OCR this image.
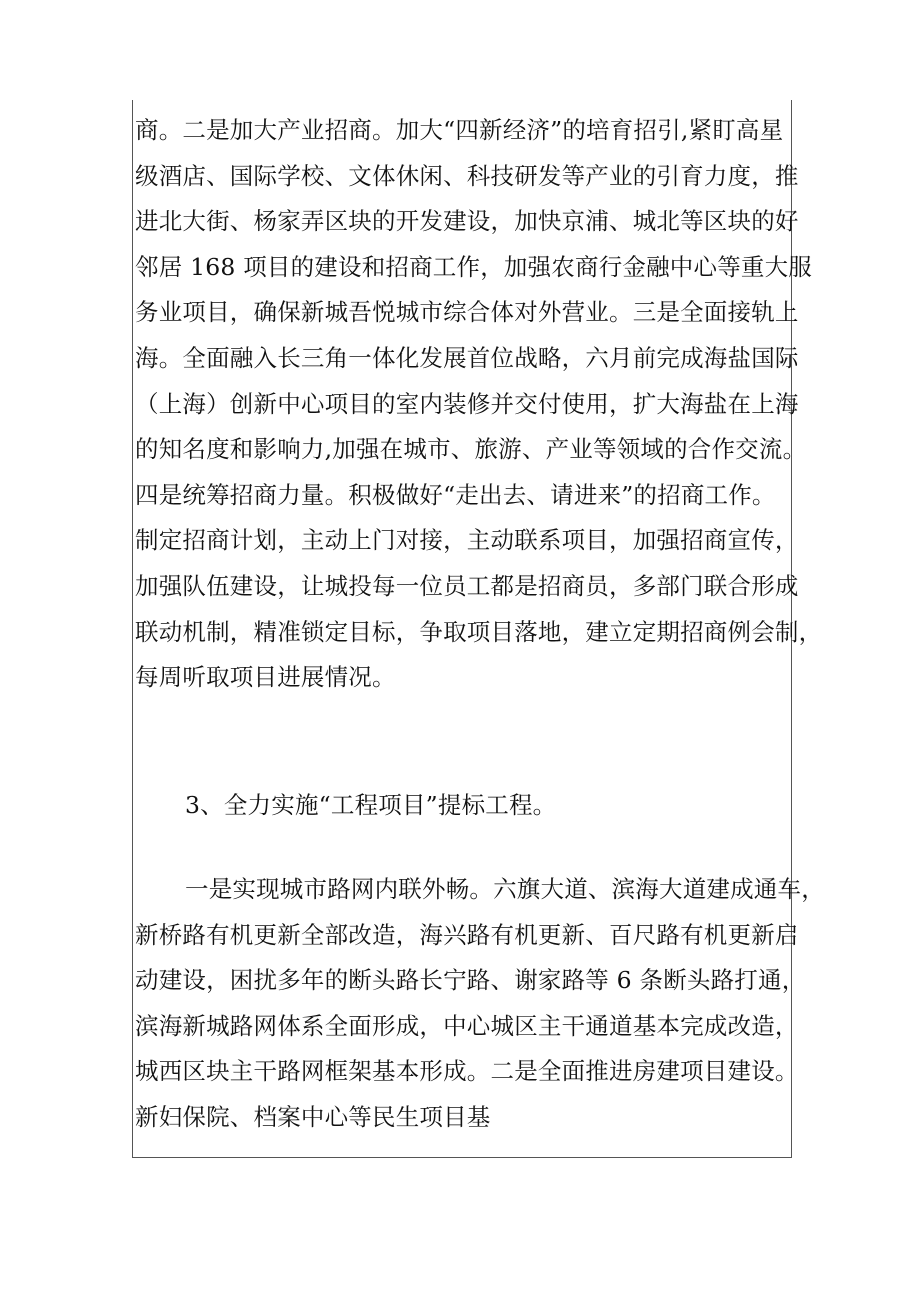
商。二是加大产业招商。加大“四新经济”的培育招引,紧盯高星
级酒店、国际学校、文体休闲、科技研发等产业的引育力度，推
进北大街、杨家弄区块的开发建设，加快京浦、城北等区块的好
邻居 168 项目的建设和招商工作，加强农商行金融中心等重大服
务业项目，确保新城吾悦城市综合体对外营业。三是全面接轨上
海。全面融入长三角一体化发展首位战略，六月前完成海盐国际
（上海）创新中心项目的室内装修并交付使用，扩大海盐在上海
的知名度和影响力,加强在城市、旅游、产业等领域的合作交流。
四是统筹招商力量。积极做好“走出去、请进来”的招商工作。
制定招商计划，主动上门对接，主动联系项目，加强招商宣传，
加强队伍建设，让城投每一位员工都是招商员，多部门联合形成
联动机制，精准锁定目标，争取项目落地，建立定期招商例会制，
每周听取项目进展情况。
3、全力实施“工程项目”提标工程。
一是实现城市路网内联外畅。六旗大道、滨海大道建成通车，
新桥路有机更新全部改造，海兴路有机更新、百尺路有机更新启
动建设，困扰多年的断头路长宁路、谢家路等 6 条断头路打通，
滨海新城路网体系全面形成，中心城区主干通道基本完成改造，
城西区块主干路网框架基本形成。二是全面推进房建项目建设。
新妇保院、档案中心等民生项目基
